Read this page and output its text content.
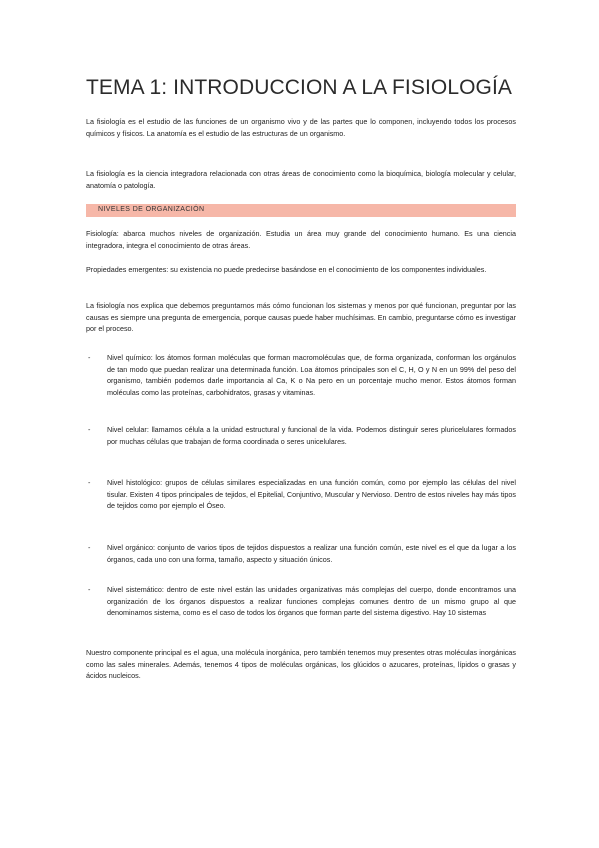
TEMA 1: INTRODUCCION A LA FISIOLOGÍA

La fisiología es el estudio de las funciones de un organismo vivo y de las partes que lo componen, incluyendo todos los procesos químicos y físicos. La anatomía es el estudio de las estructuras de un organismo.

La fisiología es la ciencia integradora relacionada con otras áreas de conocimiento como la bioquímica, biología molecular y celular, anatomía o patología.

NIVELES DE ORGANIZACIÓN

Fisiología: abarca muchos niveles de organización. Estudia un área muy grande del conocimiento humano. Es una ciencia integradora, integra el conocimiento de otras áreas.

Propiedades emergentes: su existencia no puede predecirse basándose en el conocimiento de los componentes individuales.

La fisiología nos explica que debemos preguntarnos más cómo funcionan los sistemas y menos por qué funcionan, preguntar por las causas es siempre una pregunta de emergencia, porque causas puede haber muchísimas. En cambio, preguntarse cómo es investigar por el proceso.

- Nivel químico: los átomos forman moléculas que forman macromoléculas que, de forma organizada, conforman los orgánulos de tan modo que puedan realizar una determinada función. Loa átomos principales son el C, H, O y N en un 99% del peso del organismo, también podemos darle importancia al Ca, K o Na pero en un porcentaje mucho menor. Estos átomos forman moléculas como las proteínas, carbohidratos, grasas y vitaminas.
- Nivel celular: llamamos célula a la unidad estructural y funcional de la vida. Podemos distinguir seres pluricelulares formados por muchas células que trabajan de forma coordinada o seres unicelulares.
- Nivel histológico: grupos de células similares especializadas en una función común, como por ejemplo las células del nivel tisular. Existen 4 tipos principales de tejidos, el Epitelial, Conjuntivo, Muscular y Nervioso. Dentro de estos niveles hay más tipos de tejidos como por ejemplo el Óseo.
- Nivel orgánico: conjunto de varios tipos de tejidos dispuestos a realizar una función común, este nivel es el que da lugar a los órganos, cada uno con una forma, tamaño, aspecto y situación únicos.
- Nivel sistemático: dentro de este nivel están las unidades organizativas más complejas del cuerpo, donde encontramos una organización de los órganos dispuestos a realizar funciones complejas comunes dentro de un mismo grupo al que denominamos sistema, como es el caso de todos los órganos que forman parte del sistema digestivo. Hay 10 sistemas

Nuestro componente principal es el agua, una molécula inorgánica, pero también tenemos muy presentes otras moléculas inorgánicas como las sales minerales. Además, tenemos 4 tipos de moléculas orgánicas, los glúcidos o azucares, proteínas, lípidos o grasas y ácidos nucleicos.
